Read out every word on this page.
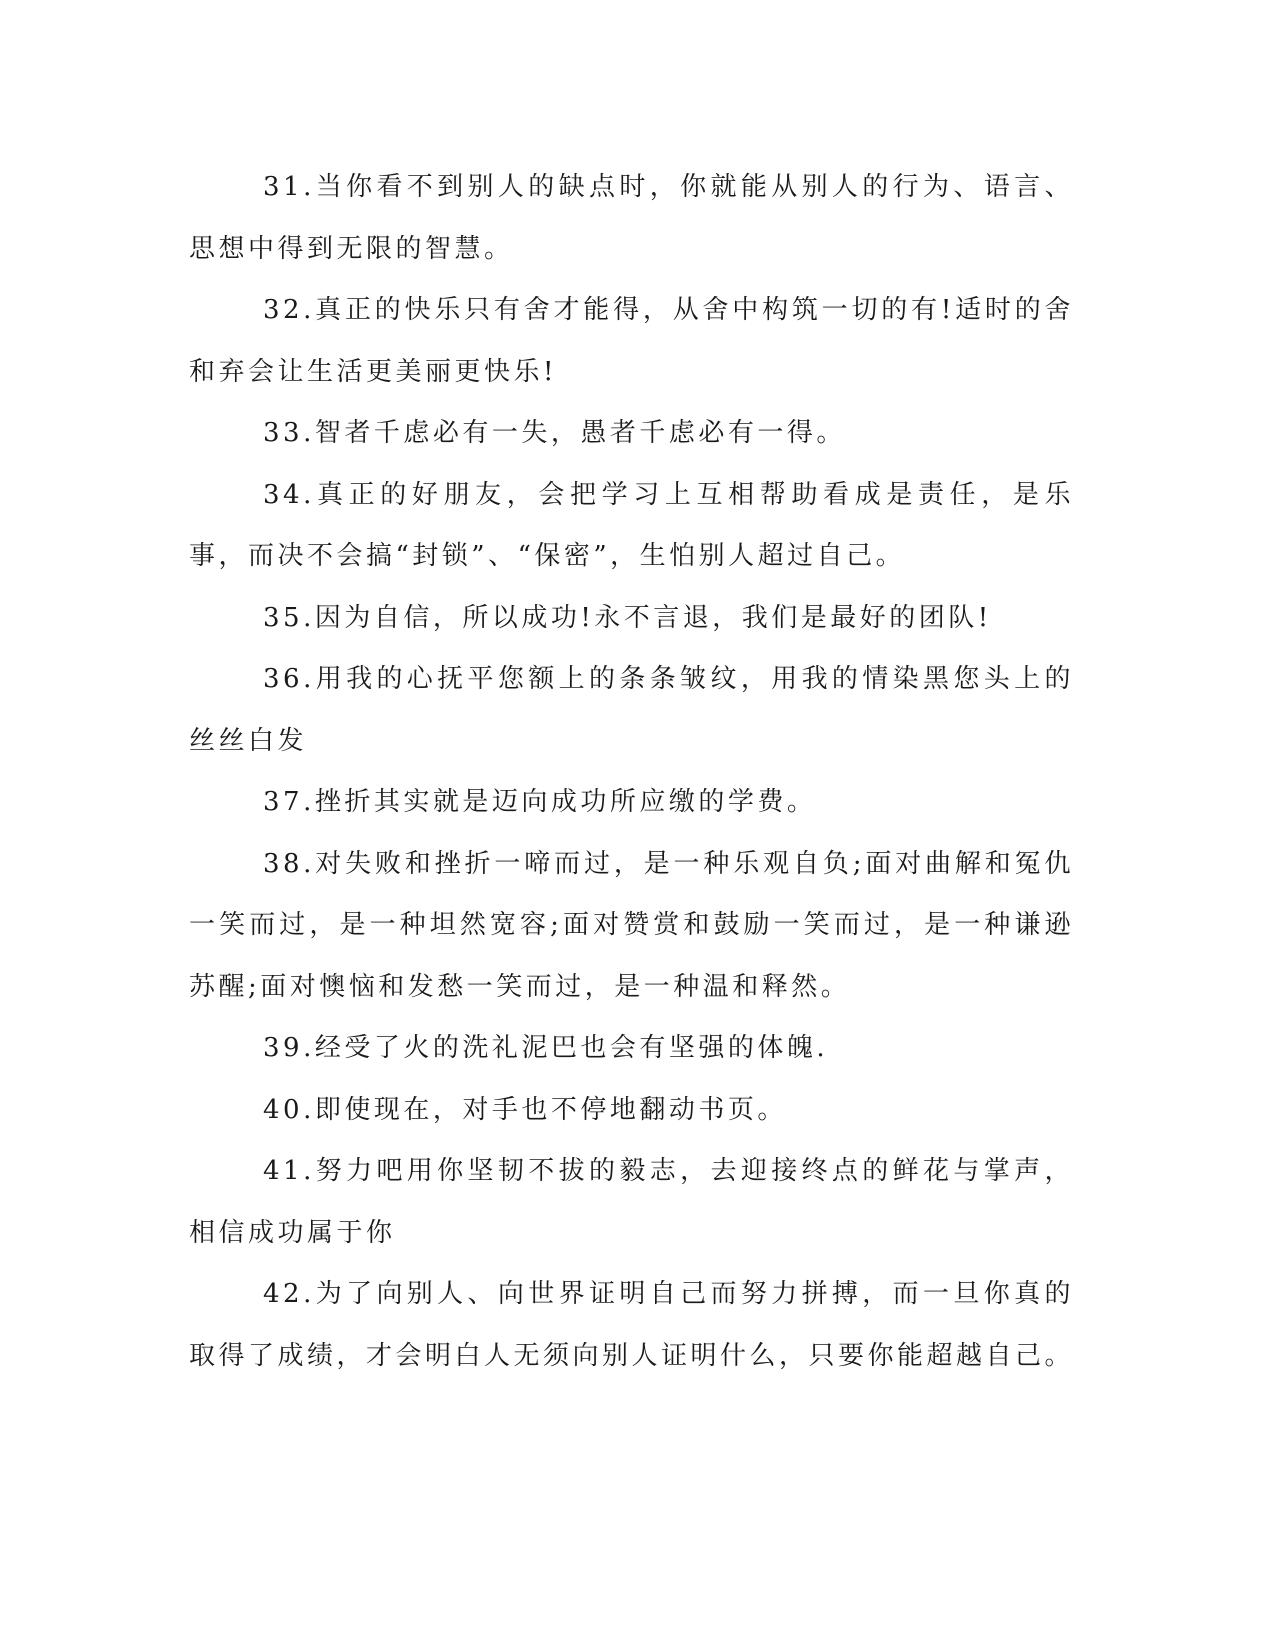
31.当你看不到别人的缺点时，你就能从别人的行为、语言、思想中得到无限的智慧。

32.真正的快乐只有舍才能得，从舍中构筑一切的有!适时的舍和弃会让生活更美丽更快乐!

33.智者千虑必有一失，愚者千虑必有一得。

34.真正的好朋友，会把学习上互相帮助看成是责任，是乐事，而决不会搞“封锁”、“保密”，生怕别人超过自己。

35.因为自信，所以成功!永不言退，我们是最好的团队!

36.用我的心抚平您额上的条条皱纹，用我的情染黑您头上的丝丝白发

37.挫折其实就是迈向成功所应缴的学费。

38.对失败和挫折一啼而过，是一种乐观自负;面对曲解和冤仇一笑而过，是一种坦然宽容;面对赞赏和鼓励一笑而过，是一种谦逊苏醒;面对懊恼和发愁一笑而过，是一种温和释然。

39.经受了火的洗礼泥巴也会有坚强的体魄.

40.即使现在，对手也不停地翻动书页。

41.努力吧用你坚韧不拔的毅志，去迎接终点的鲜花与掌声，相信成功属于你

42.为了向别人、向世界证明自己而努力拼搏，而一旦你真的取得了成绩，才会明白人无须向别人证明什么，只要你能超越自己。
